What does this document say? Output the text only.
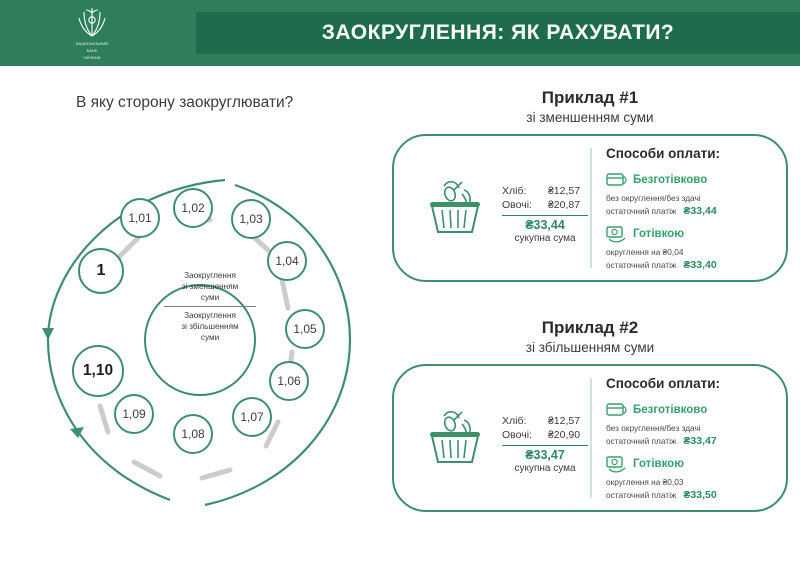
НАЦІОНАЛЬНИЙ
БАНК
УКРАЇНИ
ЗАОКРУГЛЕННЯ: ЯК РАХУВАТИ?
В яку сторону заокруглювати?
Заокруглення
зі зменшенням
суми
Заокруглення
зі збільшенням
суми
1
1,01
1,02
1,03
1,04
1,05
1,06
1,07
1,08
1,09
1,10
Приклад #1
зі зменшенням суми
Хліб:	₴12,57
Овочі:	₴20,87
₴33,44
сукупна сума
Способи оплати:
Безготівково
без округлення/без здачі
остаточний платіж ₴33,44
Готівкою
округлення на ₴0,04
остаточний платіж ₴33,40
Приклад #2
зі збільшенням суми
Хліб:	₴12,57
Овочі:	₴20,90
₴33,47
сукупна сума
Способи оплати:
Безготівково
без округлення/без здачі
остаточний платіж ₴33,47
Готівкою
округлення на ₴0,03
остаточний платіж ₴33,50
